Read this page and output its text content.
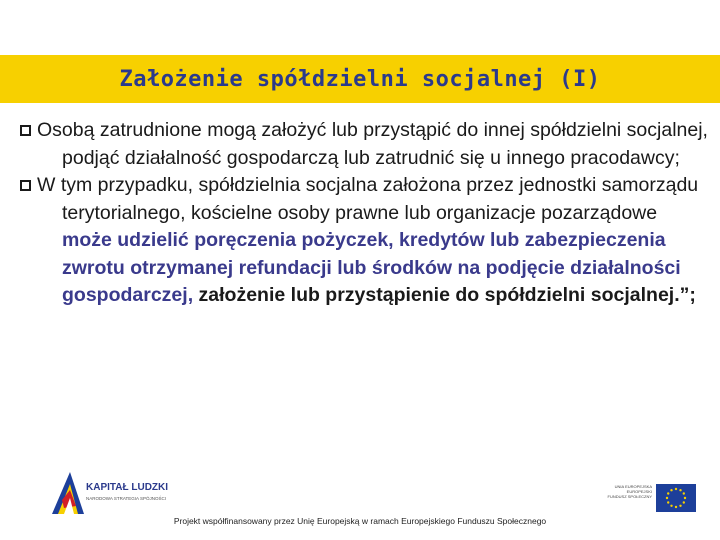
Założenie spółdzielni socjalnej (I)
Osobą zatrudnione mogą założyć lub przystąpić do innej spółdzielni socjalnej, podjąć działalność gospodarczą lub zatrudnić się u innego pracodawcy;
W tym przypadku, spółdzielnia socjalna założona przez jednostki samorządu terytorialnego, kościelne osoby prawne lub organizacje pozarządowe może udzielić poręczenia pożyczek, kredytów lub zabezpieczenia zwrotu otrzymanej refundacji lub środków na podjęcie działalności gospodarczej, założenie lub przystąpienie do spółdzielni socjalnej.”;
KAPITAŁ LUDZKI
NARODOWA STRATEGIA SPÓJNOŚCI
UNIA EUROPEJSKA
EUROPEJSKI
FUNDUSZ SPOŁECZNY
Projekt współfinansowany przez Unię Europejską w ramach Europejskiego Funduszu Społecznego
